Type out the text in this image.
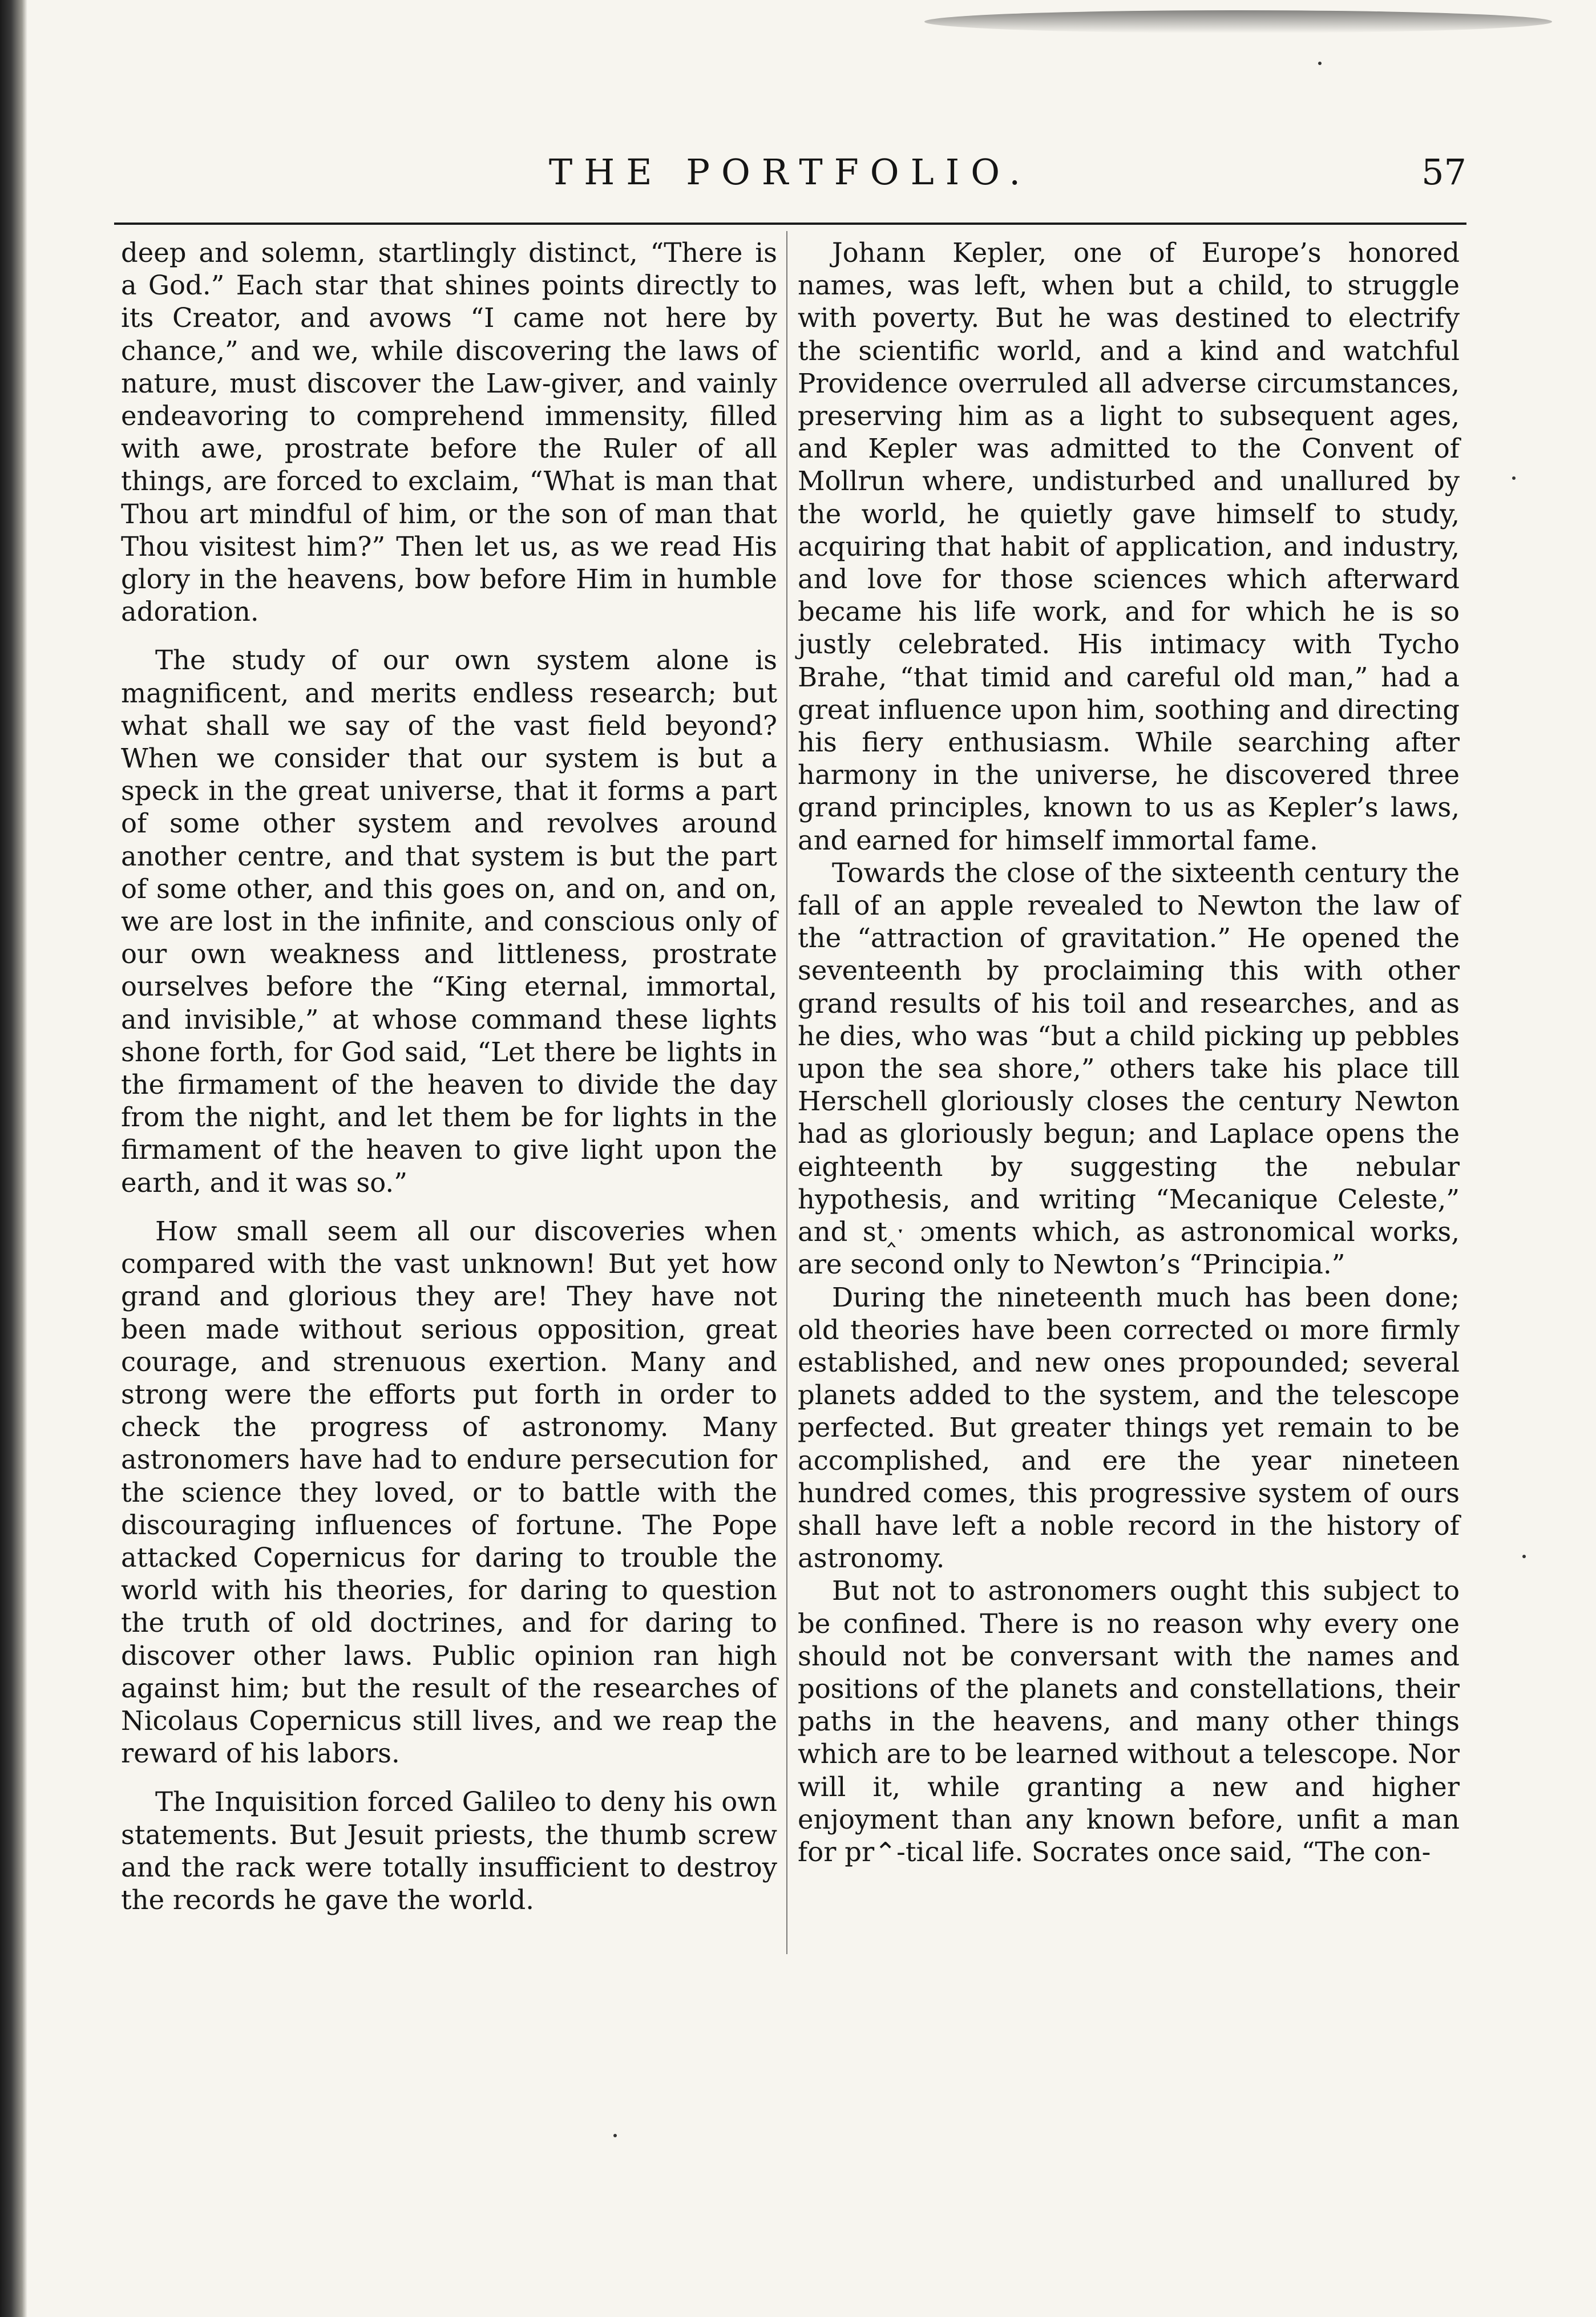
THE PORTFOLIO.	57

deep and solemn, startlingly distinct, “There is a God.” Each star that shines points directly to its Creator, and avows “I came not here by chance,” and we, while discovering the laws of nature, must discover the Law-giver, and vainly endeavoring to comprehend immensity, filled with awe, prostrate before the Ruler of all things, are forced to exclaim, “What is man that Thou art mindful of him, or the son of man that Thou visitest him?” Then let us, as we read His glory in the heavens, bow before Him in humble adoration.

The study of our own system alone is magnificent, and merits endless research; but what shall we say of the vast field beyond? When we consider that our system is but a speck in the great universe, that it forms a part of some other system and revolves around another centre, and that system is but the part of some other, and this goes on, and on, and on, we are lost in the infinite, and conscious only of our own weakness and littleness, prostrate ourselves before the “King eternal, immortal, and invisible,” at whose command these lights shone forth, for God said, “Let there be lights in the firmament of the heaven to divide the day from the night, and let them be for lights in the firmament of the heaven to give light upon the earth, and it was so.”

How small seem all our discoveries when compared with the vast unknown! But yet how grand and glorious they are! They have not been made without serious opposition, great courage, and strenuous exertion. Many and strong were the efforts put forth in order to check the progress of astronomy. Many astronomers have had to endure persecution for the science they loved, or to battle with the discouraging influences of fortune. The Pope attacked Copernicus for daring to trouble the world with his theories, for daring to question the truth of old doctrines, and for daring to discover other laws. Public opinion ran high against him; but the result of the researches of Nicolaus Copernicus still lives, and we reap the reward of his labors.

The Inquisition forced Galileo to deny his own statements. But Jesuit priests, the thumb screw and the rack were totally insufficient to destroy the records he gave the world.

Johann Kepler, one of Europe’s honored names, was left, when but a child, to struggle with poverty. But he was destined to electrify the scientific world, and a kind and watchful Providence overruled all adverse circumstances, preserving him as a light to subsequent ages, and Kepler was admitted to the Convent of Mollrun where, undisturbed and unallured by the world, he quietly gave himself to study, acquiring that habit of application, and industry, and love for those sciences which afterward became his life work, and for which he is so justly celebrated. His intimacy with Tycho Brahe, “that timid and careful old man,” had a great influence upon him, soothing and directing his fiery enthusiasm. While searching after harmony in the universe, he discovered three grand principles, known to us as Kepler’s laws, and earned for himself immortal fame.

Towards the close of the sixteenth century the fall of an apple revealed to Newton the law of the “attraction of gravitation.” He opened the seventeenth by proclaiming this with other grand results of his toil and researches, and as he dies, who was “but a child picking up pebbles upon the sea shore,” others take his place till Herschell gloriously closes the century Newton had as gloriously begun; and Laplace opens the eighteenth by suggesting the nebular hypothesis, and writing “Mecanique Celeste,” and st‸ˑ ɔments which, as astronomical works, are second only to Newton’s “Principia.”

During the nineteenth much has been done; old theories have been corrected oı more firmly established, and new ones propounded; several planets added to the system, and the telescope perfected. But greater things yet remain to be accomplished, and ere the year nineteen hundred comes, this progressive system of ours shall have left a noble record in the history of astronomy.

But not to astronomers ought this subject to be confined. There is no reason why every one should not be conversant with the names and positions of the planets and constellations, their paths in the heavens, and many other things which are to be learned without a telescope. Nor will it, while granting a new and higher enjoyment than any known before, unfit a man for pr⌃-tical life. Socrates once said, “The con-
